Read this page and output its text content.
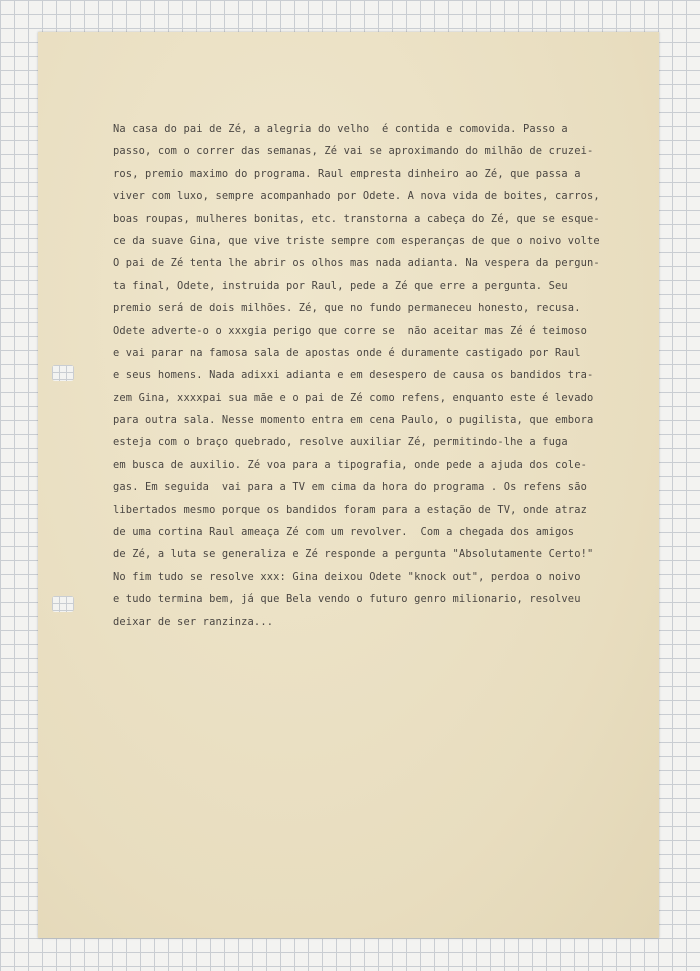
Na casa do pai de Zé, a alegria do velho  é contida e comovida. Passo a
passo, com o correr das semanas, Zé vai se aproximando do milhão de cruzei-
ros, premio maximo do programa. Raul empresta dinheiro ao Zé, que passa a
viver com luxo, sempre acompanhado por Odete. A nova vida de boites, carros,
boas roupas, mulheres bonitas, etc. transtorna a cabeça do Zé, que se esque-
ce da suave Gina, que vive triste sempre com esperanças de que o noivo volte
O pai de Zé tenta lhe abrir os olhos mas nada adianta. Na vespera da pergun-
ta final, Odete, instruida por Raul, pede a Zé que erre a pergunta. Seu
premio será de dois milhões. Zé, que no fundo permaneceu honesto, recusa.
Odete adverte-o o xxxgia perigo que corre se  não aceitar mas Zé é teimoso
e vai parar na famosa sala de apostas onde é duramente castigado por Raul
e seus homens. Nada adixxi adianta e em desespero de causa os bandidos tra-
zem Gina, xxxxpai sua mãe e o pai de Zé como refens, enquanto este é levado
para outra sala. Nesse momento entra em cena Paulo, o pugilista, que embora
esteja com o braço quebrado, resolve auxiliar Zé, permitindo-lhe a fuga
em busca de auxilio. Zé voa para a tipografia, onde pede a ajuda dos cole-
gas. Em seguida  vai para a TV em cima da hora do programa . Os refens são
libertados mesmo porque os bandidos foram para a estação de TV, onde atraz
de uma cortina Raul ameaça Zé com um revolver.  Com a chegada dos amigos
de Zé, a luta se generaliza e Zé responde a pergunta "Absolutamente Certo!"
No fim tudo se resolve xxx: Gina deixou Odete "knock out", perdoa o noivo
e tudo termina bem, já que Bela vendo o futuro genro milionario, resolveu
deixar de ser ranzinza...
